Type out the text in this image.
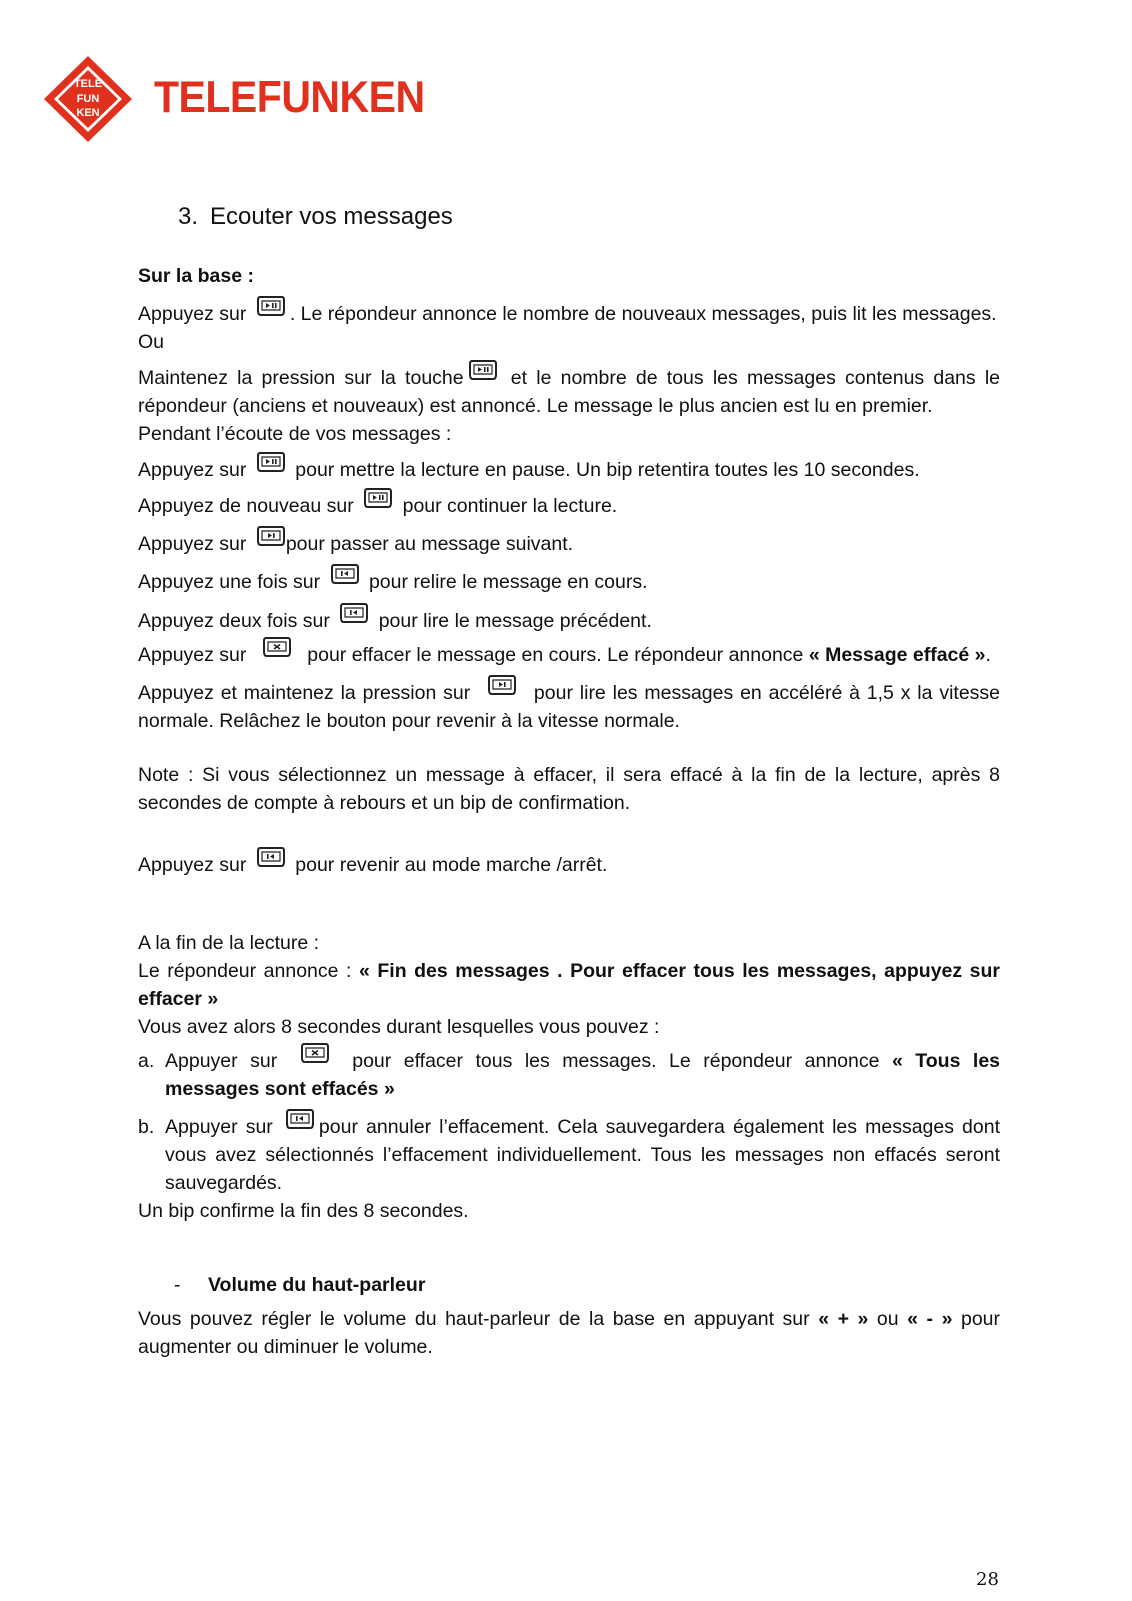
TELE
FUN
KEN TELEFUNKEN
3. Ecouter vos messages

Sur la base :

Appuyez sur . Le répondeur annonce le nombre de nouveaux messages, puis lit les messages.

Ou

Maintenez la pression sur la touche
et le nombre de tous les messages contenus dans le répondeur (anciens et nouveaux) est annoncé. Le message le plus ancien est lu en premier.

Pendant l’écoute de vos messages :

Appuyez sur	pour mettre la lecture en pause. Un bip retentira toutes les 10 secondes.

Appuyez de nouveau sur	pour continuer la lecture.

Appuyez sur pour passer au message suivant.

Appuyez une fois sur	pour relire le message en cours.

Appuyez deux fois sur	pour lire le message précédent.

Appuyez sur	pour effacer le message en cours. Le répondeur annonce « Message effacé ».

Appuyez et maintenez la pression sur	pour lire les messages en accéléré à 1,5 x la vitesse normale. Relâchez le bouton pour revenir à la vitesse normale.

Note : Si vous sélectionnez un message à effacer, il sera effacé à la fin de la lecture, après 8 secondes de compte à rebours et un bip de confirmation.

Appuyez sur	pour revenir au mode marche /arrêt.

A la fin de la lecture :

Le répondeur annonce : « Fin des messages . Pour effacer tous les messages, appuyez sur effacer »

Vous avez alors 8 secondes durant lesquelles vous pouvez :

a. Appuyer sur	pour effacer tous les messages. Le répondeur annonce « Tous les messages sont effacés »
b. Appuyer sur pour annuler l’effacement. Cela sauvegardera également les messages dont vous avez sélectionnés l’effacement individuellement. Tous les messages non effacés seront sauvegardés.

Un bip confirme la fin des 8 secondes.

- Volume du haut-parleur

Vous pouvez régler le volume du haut-parleur de la base en appuyant sur « + » ou « - » pour augmenter ou diminuer le volume.

28
